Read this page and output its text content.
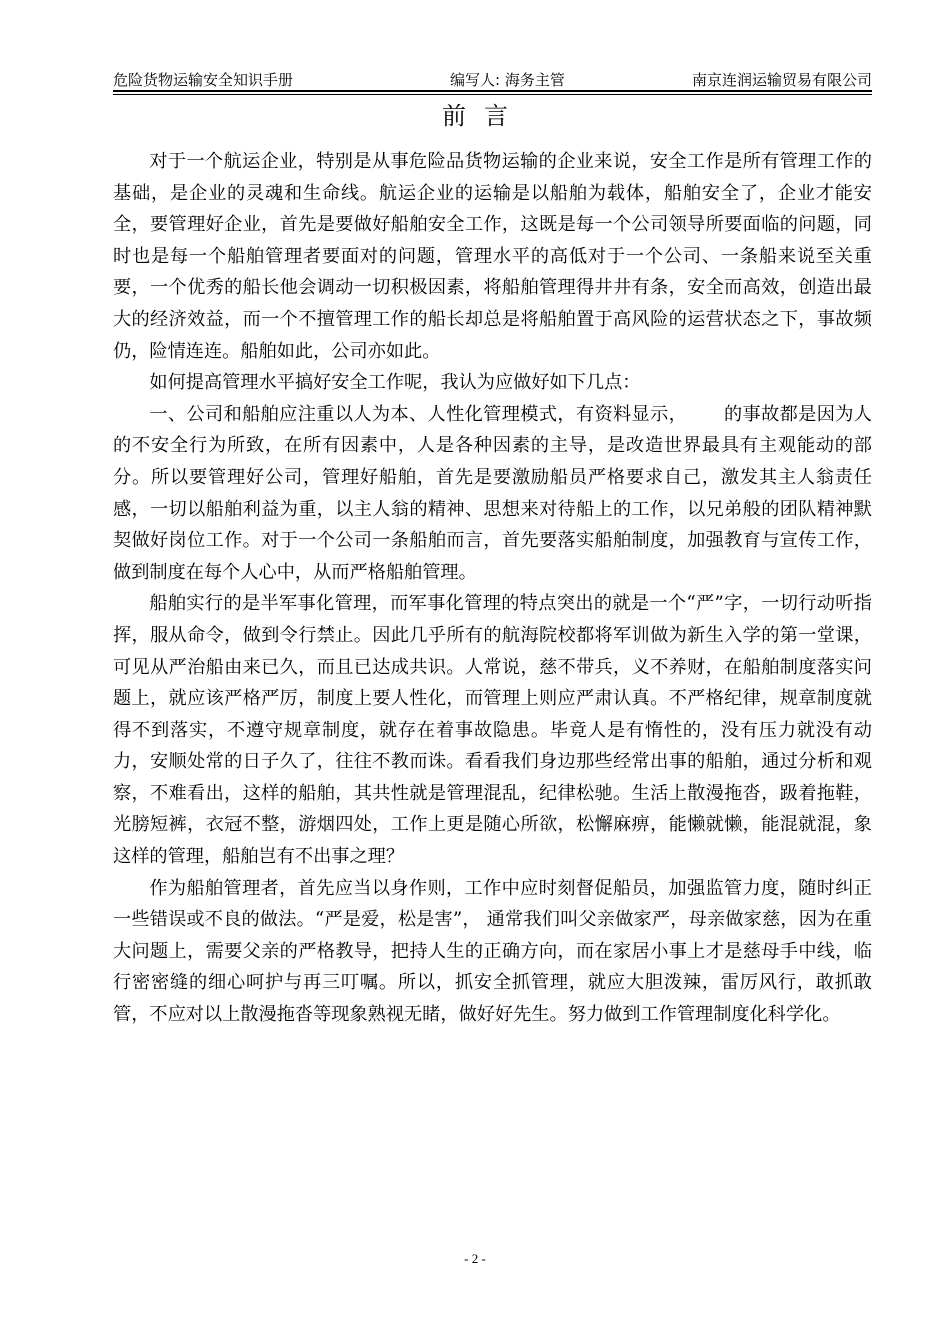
危险货物运输安全知识手册	编写人: 海务主管	南京连润运输贸易有限公司
前言

对于一个航运企业，特别是从事危险品货物运输的企业来说，安全工作是所有管理工作的基础，是企业的灵魂和生命线。航运企业的运输是以船舶为载体，船舶安全了，企业才能安全，要管理好企业，首先是要做好船舶安全工作，这既是每一个公司领导所要面临的问题，同时也是每一个船舶管理者要面对的问题，管理水平的高低对于一个公司、一条船来说至关重要，一个优秀的船长他会调动一切积极因素，将船舶管理得井井有条，安全而高效，创造出最大的经济效益，而一个不擅管理工作的船长却总是将船舶置于高风险的运营状态之下，事故频仍，险情连连。船舶如此，公司亦如此。

如何提高管理水平搞好安全工作呢，我认为应做好如下几点：

一、公司和船舶应注重以人为本、人性化管理模式，有资料显示，      的事故都是因为人的不安全行为所致，在所有因素中，人是各种因素的主导，是改造世界最具有主观能动的部分。所以要管理好公司，管理好船舶，首先是要激励船员严格要求自己，激发其主人翁责任感，一切以船舶利益为重，以主人翁的精神、思想来对待船上的工作，以兄弟般的团队精神默契做好岗位工作。对于一个公司一条船舶而言，首先要落实船舶制度，加强教育与宣传工作，做到制度在每个人心中，从而严格船舶管理。

船舶实行的是半军事化管理，而军事化管理的特点突出的就是一个“严”字，一切行动听指挥，服从命令，做到令行禁止。因此几乎所有的航海院校都将军训做为新生入学的第一堂课，可见从严治船由来已久，而且已达成共识。人常说，慈不带兵，义不养财，在船舶制度落实问题上，就应该严格严厉，制度上要人性化，而管理上则应严肃认真。不严格纪律，规章制度就得不到落实，不遵守规章制度，就存在着事故隐患。毕竟人是有惰性的，没有压力就没有动力，安顺处常的日子久了，往往不教而诛。看看我们身边那些经常出事的船舶，通过分析和观察，不难看出，这样的船舶，其共性就是管理混乱，纪律松驰。生活上散漫拖沓，趿着拖鞋，光膀短裤，衣冠不整，游烟四处，工作上更是随心所欲，松懈麻痹，能懒就懒，能混就混，象这样的管理，船舶岂有不出事之理？

作为船舶管理者，首先应当以身作则，工作中应时刻督促船员，加强监管力度，随时纠正一些错误或不良的做法。“严是爱，松是害”， 通常我们叫父亲做家严，母亲做家慈，因为在重大问题上，需要父亲的严格教导，把持人生的正确方向，而在家居小事上才是慈母手中线，临行密密缝的细心呵护与再三叮嘱。所以，抓安全抓管理，就应大胆泼辣，雷厉风行，敢抓敢管，不应对以上散漫拖沓等现象熟视无睹，做好好先生。努力做到工作管理制度化科学化。

- 2 -
